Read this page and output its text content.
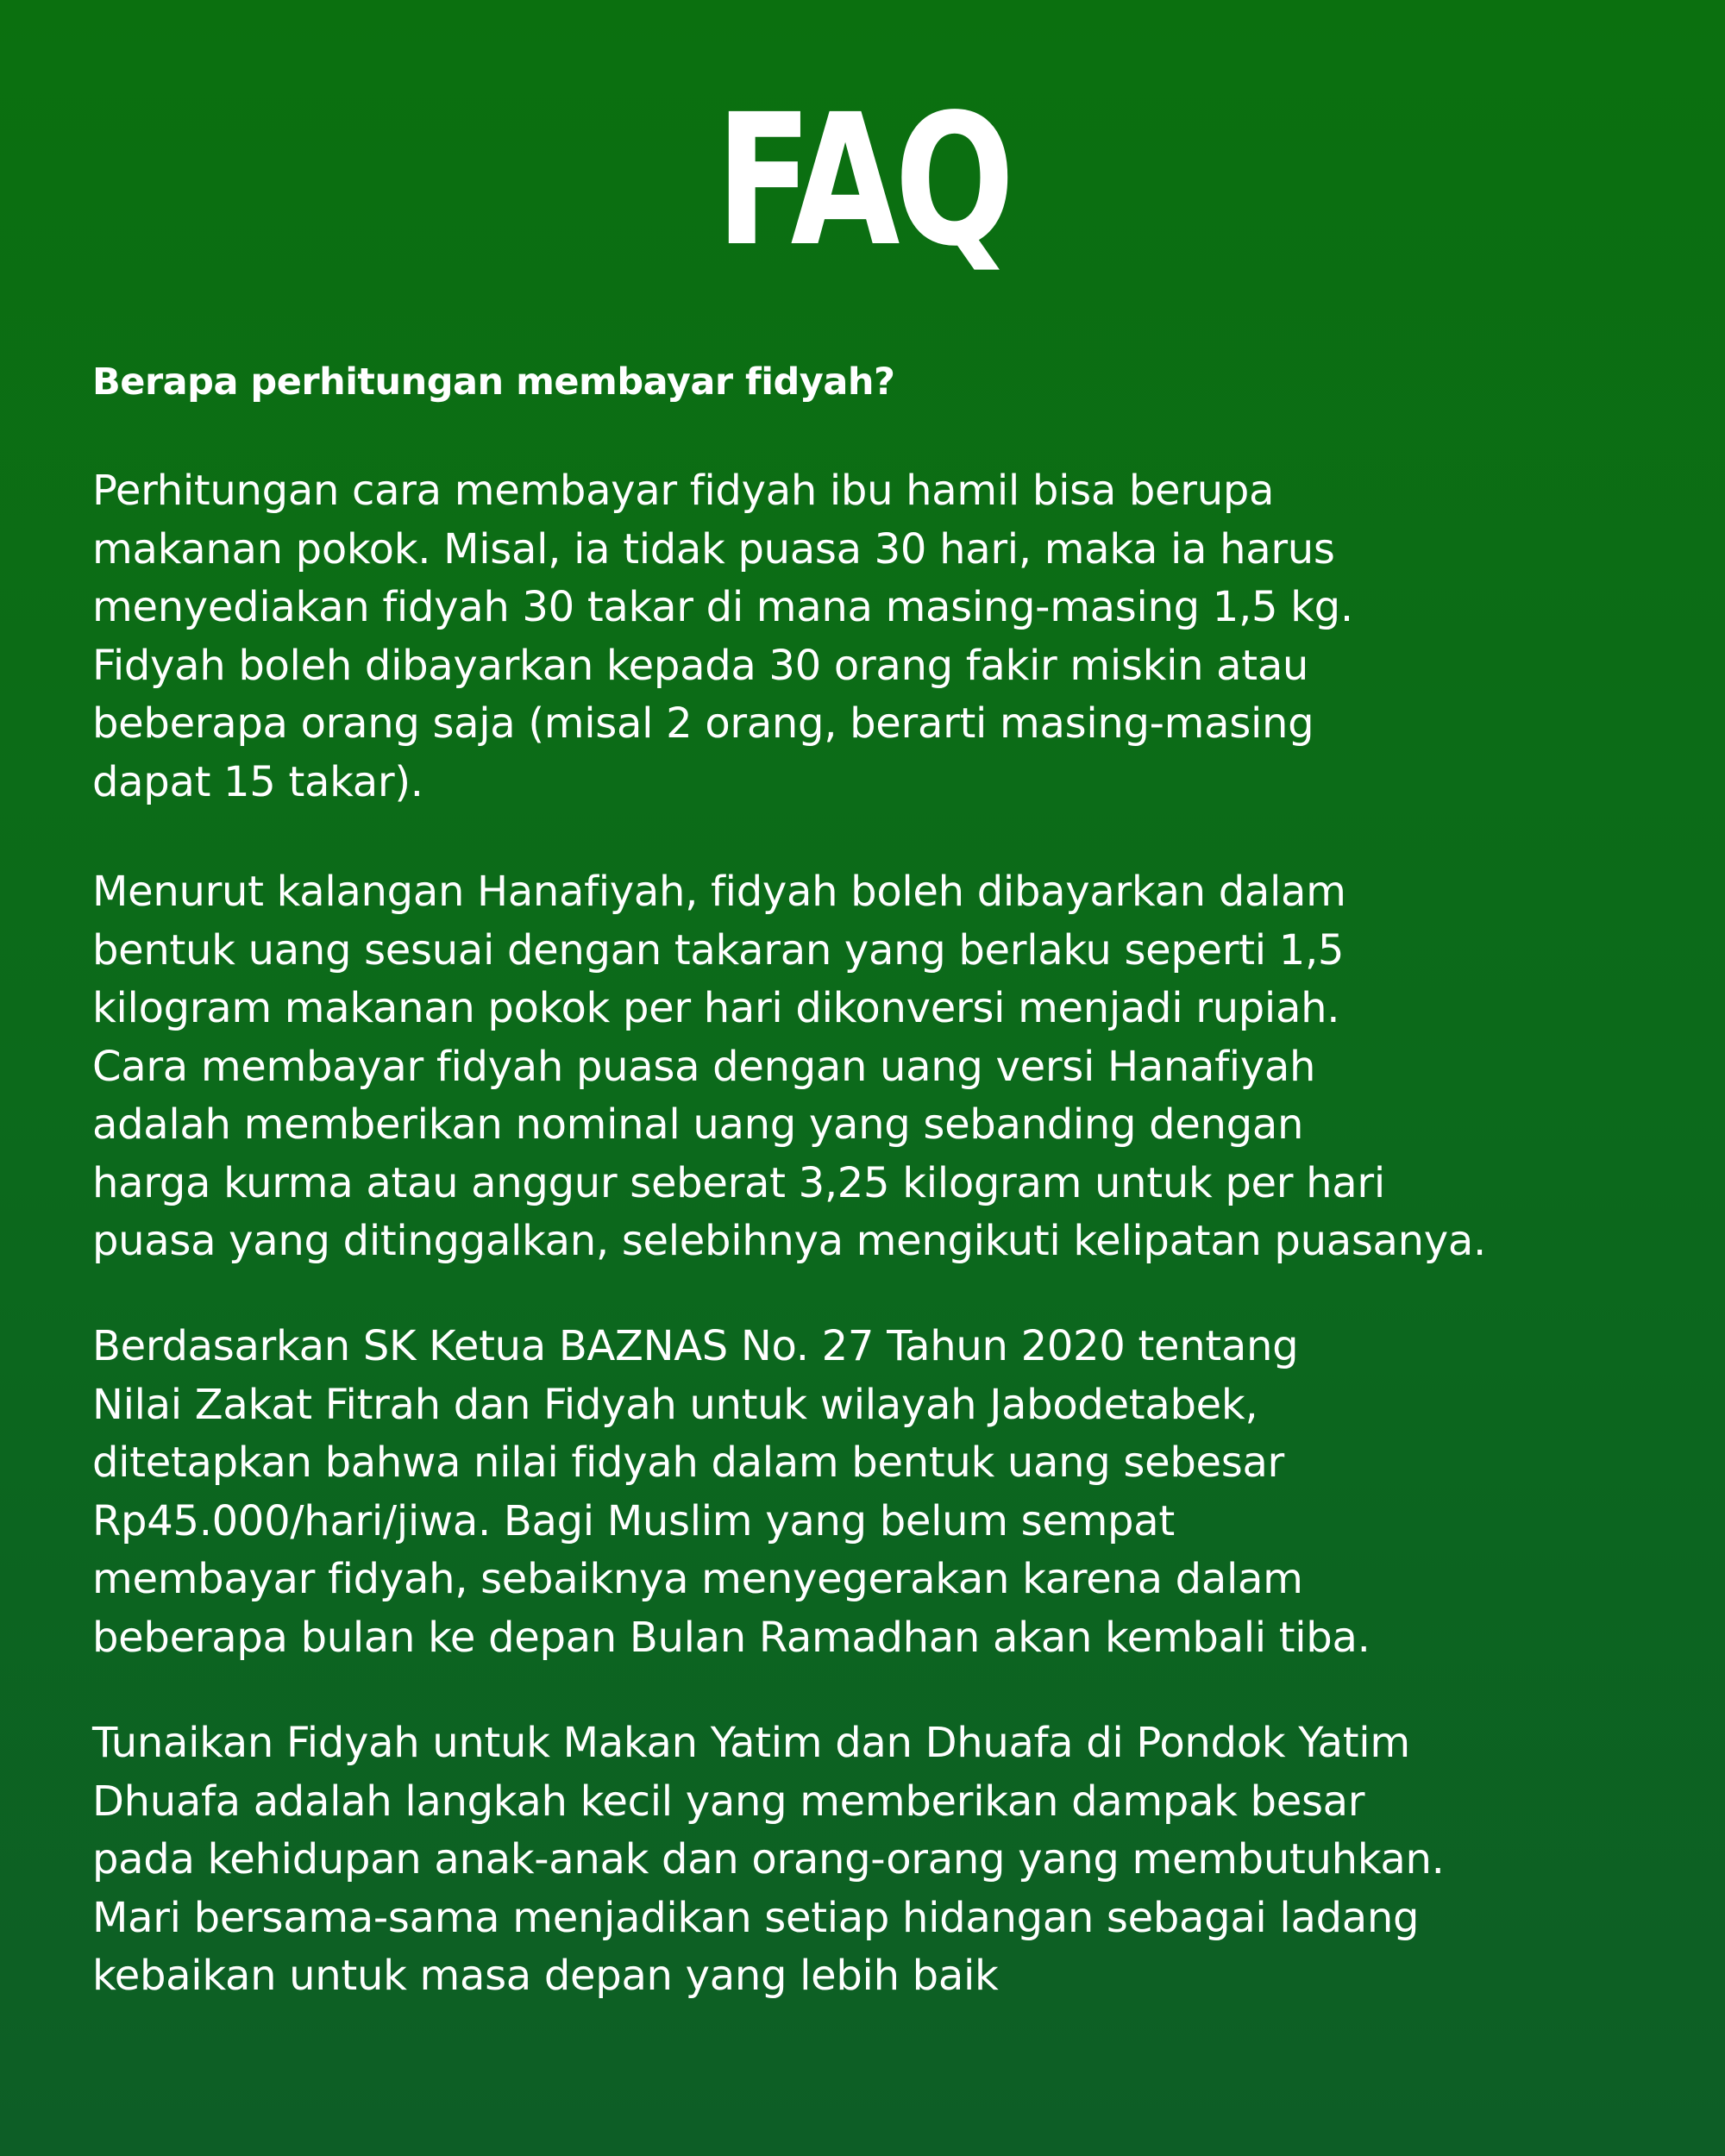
FAQ

Berapa perhitungan membayar fidyah?

Perhitungan cara membayar fidyah ibu hamil bisa berupa
makanan pokok. Misal, ia tidak puasa 30 hari, maka ia harus
menyediakan fidyah 30 takar di mana masing-masing 1,5 kg.
Fidyah boleh dibayarkan kepada 30 orang fakir miskin atau
beberapa orang saja (misal 2 orang, berarti masing-masing
dapat 15 takar).

Menurut kalangan Hanafiyah, fidyah boleh dibayarkan dalam
bentuk uang sesuai dengan takaran yang berlaku seperti 1,5
kilogram makanan pokok per hari dikonversi menjadi rupiah.
Cara membayar fidyah puasa dengan uang versi Hanafiyah
adalah memberikan nominal uang yang sebanding dengan
harga kurma atau anggur seberat 3,25 kilogram untuk per hari
puasa yang ditinggalkan, selebihnya mengikuti kelipatan puasanya.

Berdasarkan SK Ketua BAZNAS No. 27 Tahun 2020 tentang
Nilai Zakat Fitrah dan Fidyah untuk wilayah Jabodetabek,
ditetapkan bahwa nilai fidyah dalam bentuk uang sebesar
Rp45.000/hari/jiwa. Bagi Muslim yang belum sempat
membayar fidyah, sebaiknya menyegerakan karena dalam
beberapa bulan ke depan Bulan Ramadhan akan kembali tiba.

Tunaikan Fidyah untuk Makan Yatim dan Dhuafa di Pondok Yatim
Dhuafa adalah langkah kecil yang memberikan dampak besar
pada kehidupan anak-anak dan orang-orang yang membutuhkan.
Mari bersama-sama menjadikan setiap hidangan sebagai ladang
kebaikan untuk masa depan yang lebih baik
